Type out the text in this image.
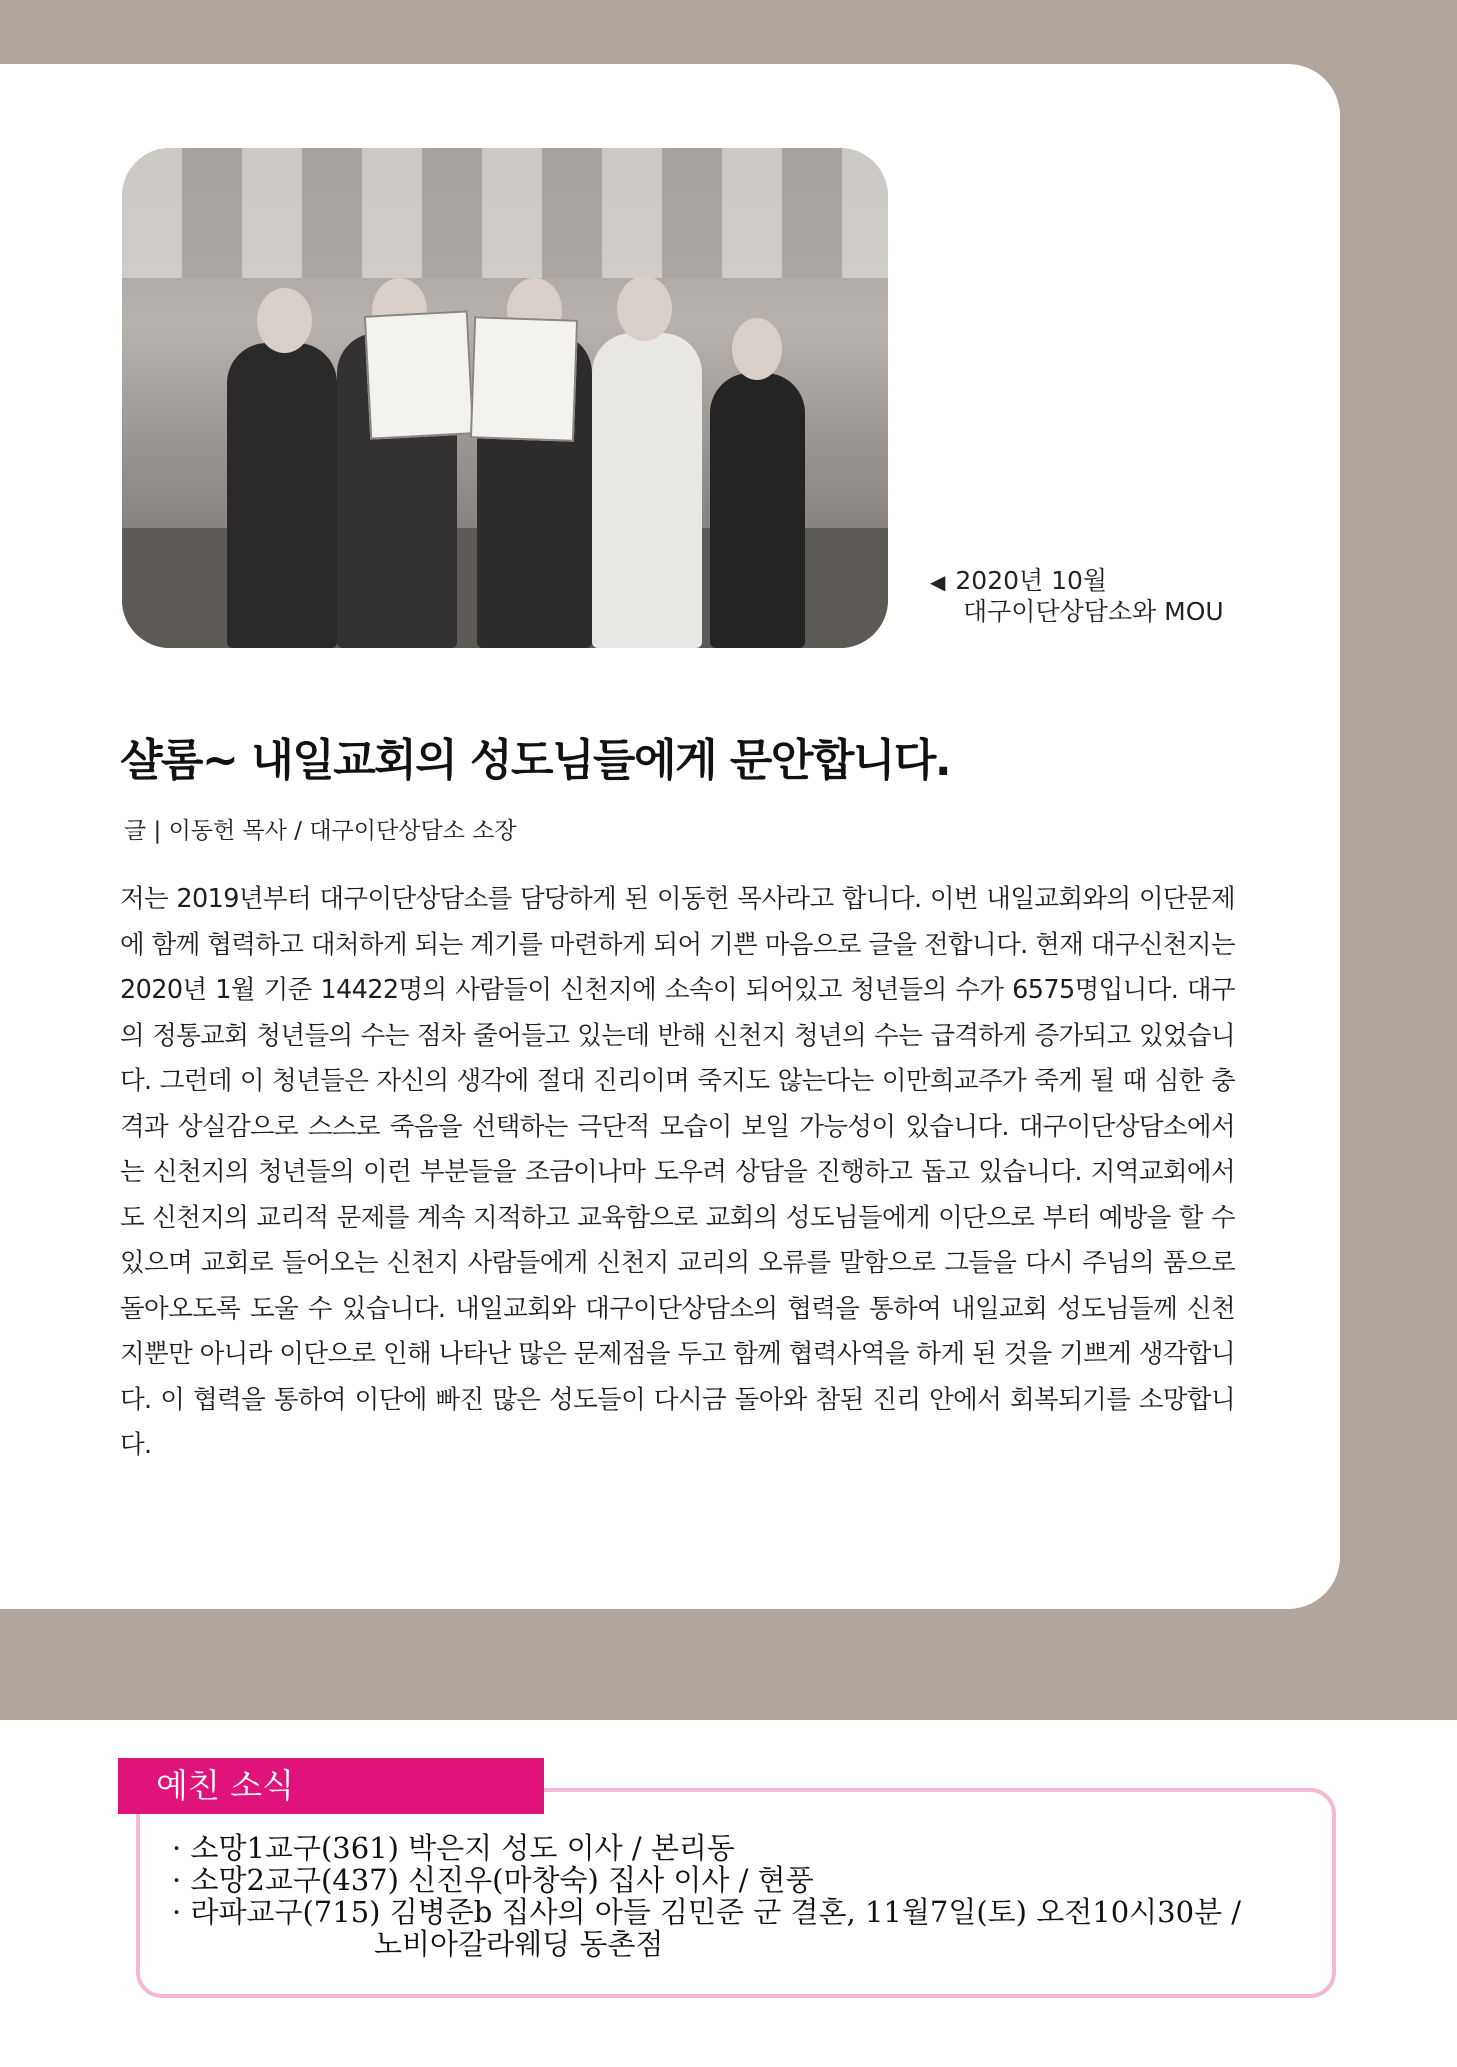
◀ 2020년 10월
대구이단상담소와 MOU
샬롬~ 내일교회의 성도님들에게 문안합니다.
글 | 이동헌 목사 / 대구이단상담소 소장
저는 2019년부터 대구이단상담소를 담당하게 된 이동헌 목사라고 합니다. 이번 내일교회와의 이단문제에 함께 협력하고 대처하게 되는 계기를 마련하게 되어 기쁜 마음으로 글을 전합니다. 현재 대구신천지는 2020년 1월 기준 14422명의 사람들이 신천지에 소속이 되어있고 청년들의 수가 6575명입니다. 대구의 정통교회 청년들의 수는 점차 줄어들고 있는데 반해 신천지 청년의 수는 급격하게 증가되고 있었습니다. 그런데 이 청년들은 자신의 생각에 절대 진리이며 죽지도 않는다는 이만희교주가 죽게 될 때 심한 충격과 상실감으로 스스로 죽음을 선택하는 극단적 모습이 보일 가능성이 있습니다. 대구이단상담소에서는 신천지의 청년들의 이런 부분들을 조금이나마 도우려 상담을 진행하고 돕고 있습니다. 지역교회에서도 신천지의 교리적 문제를 계속 지적하고 교육함으로 교회의 성도님들에게 이단으로 부터 예방을 할 수 있으며 교회로 들어오는 신천지 사람들에게 신천지 교리의 오류를 말함으로 그들을 다시 주님의 품으로 돌아오도록 도울 수 있습니다. 내일교회와 대구이단상담소의 협력을 통하여 내일교회 성도님들께 신천지뿐만 아니라 이단으로 인해 나타난 많은 문제점을 두고 함께 협력사역을 하게 된 것을 기쁘게 생각합니다. 이 협력을 통하여 이단에 빠진 많은 성도들이 다시금 돌아와 참된 진리 안에서 회복되기를 소망합니다.
예친 소식
· 소망1교구(361) 박은지 성도 이사 / 본리동
· 소망2교구(437) 신진우(마창숙) 집사 이사 / 현풍
· 라파교구(715) 김병준b 집사의 아들 김민준 군 결혼, 11월7일(토) 오전10시30분 /
노비아갈라웨딩 동촌점
